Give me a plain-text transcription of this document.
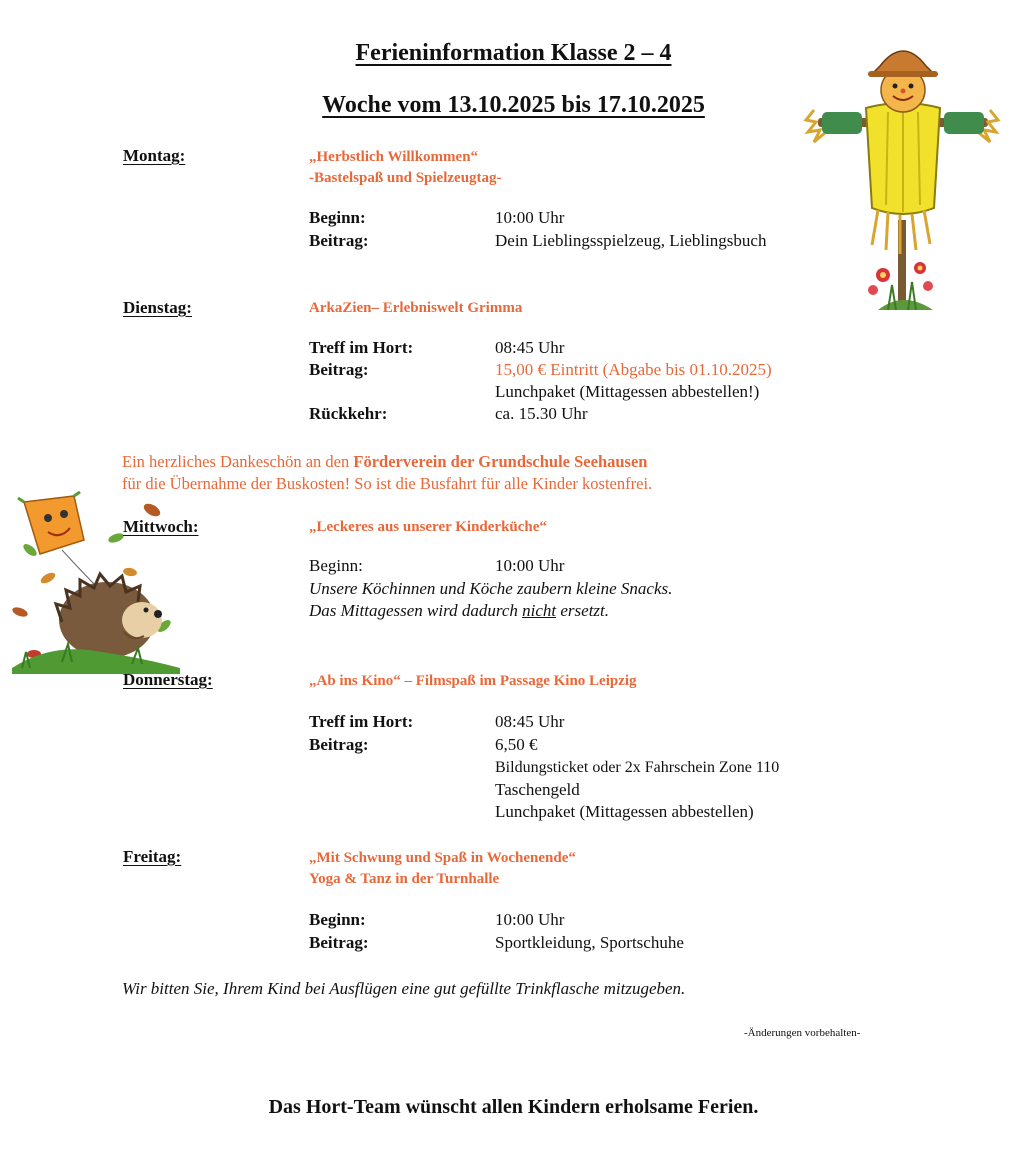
Ferieninformation Klasse 2 – 4
Woche vom 13.10.2025 bis 17.10.2025
Montag:	„Herbstlich Willkommen“
-Bastelspaß und Spielzeugtag-
Beginn:	10:00 Uhr
Beitrag:	Dein Lieblingsspielzeug, Lieblingsbuch
Dienstag:	ArkaZien– Erlebniswelt Grimma
Treff im Hort:	08:45 Uhr
Beitrag:	15,00 € Eintritt (Abgabe bis 01.10.2025)
Lunchpaket (Mittagessen abbestellen!)
Rückkehr:	ca. 15.30 Uhr
Ein herzliches Dankeschön an den Förderverein der Grundschule Seehausen
für die Übernahme der Buskosten! So ist die Busfahrt für alle Kinder kostenfrei.
Mittwoch:	„Leckeres aus unserer Kinderküche“
Beginn:	10:00 Uhr
Unsere Köchinnen und Köche zaubern kleine Snacks.
Das Mittagessen wird dadurch nicht ersetzt.
Donnerstag:	„Ab ins Kino“ – Filmspaß im Passage Kino Leipzig
Treff im Hort:	08:45 Uhr
Beitrag:	6,50 €
Bildungsticket oder 2x Fahrschein Zone 110
Taschengeld
Lunchpaket (Mittagessen abbestellen)
Freitag:	„Mit Schwung und Spaß in Wochenende“
Yoga & Tanz in der Turnhalle
Beginn:	10:00 Uhr
Beitrag:	Sportkleidung, Sportschuhe
Wir bitten Sie, Ihrem Kind bei Ausflügen eine gut gefüllte Trinkflasche mitzugeben.
-Änderungen vorbehalten-
Das Hort-Team wünscht allen Kindern erholsame Ferien.
